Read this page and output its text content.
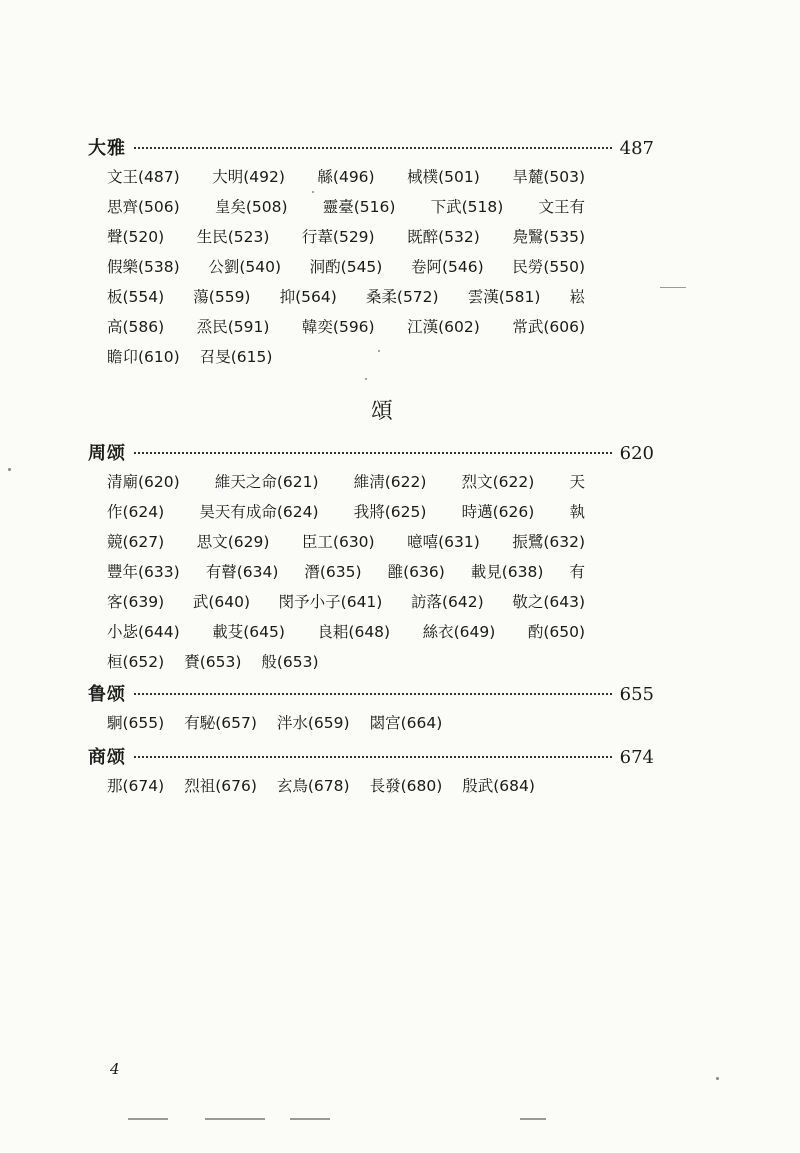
大雅	487
文王(487) 大明(492) 緜(496) 棫樸(501) 旱麓(503)
思齊(506) 皇矣(508) 靈臺(516) 下武(518) 文王有
聲(520) 生民(523) 行葦(529) 既醉(532) 鳧鷖(535)
假樂(538) 公劉(540) 泂酌(545) 卷阿(546) 民勞(550)
板(554) 蕩(559) 抑(564) 桑柔(572) 雲漢(581) 崧
高(586) 烝民(591) 韓奕(596) 江漢(602) 常武(606)
瞻卬(610) 召旻(615)
頌
周颂	620
清廟(620) 維天之命(621) 維淸(622) 烈文(622) 天
作(624) 昊天有成命(624) 我將(625) 時邁(626) 執
競(627) 思文(629) 臣工(630) 噫嘻(631) 振鷺(632)
豐年(633) 有瞽(634) 潛(635) 雝(636) 載見(638) 有
客(639) 武(640) 閔予小子(641) 訪落(642) 敬之(643)
小毖(644) 載芟(645) 良耜(648) 絲衣(649) 酌(650)
桓(652) 賚(653) 般(653)
鲁颂	655
駉(655) 有駜(657) 泮水(659) 閟宫(664)
商颂	674
那(674) 烈祖(676) 玄鳥(678) 長發(680) 殷武(684)
4
